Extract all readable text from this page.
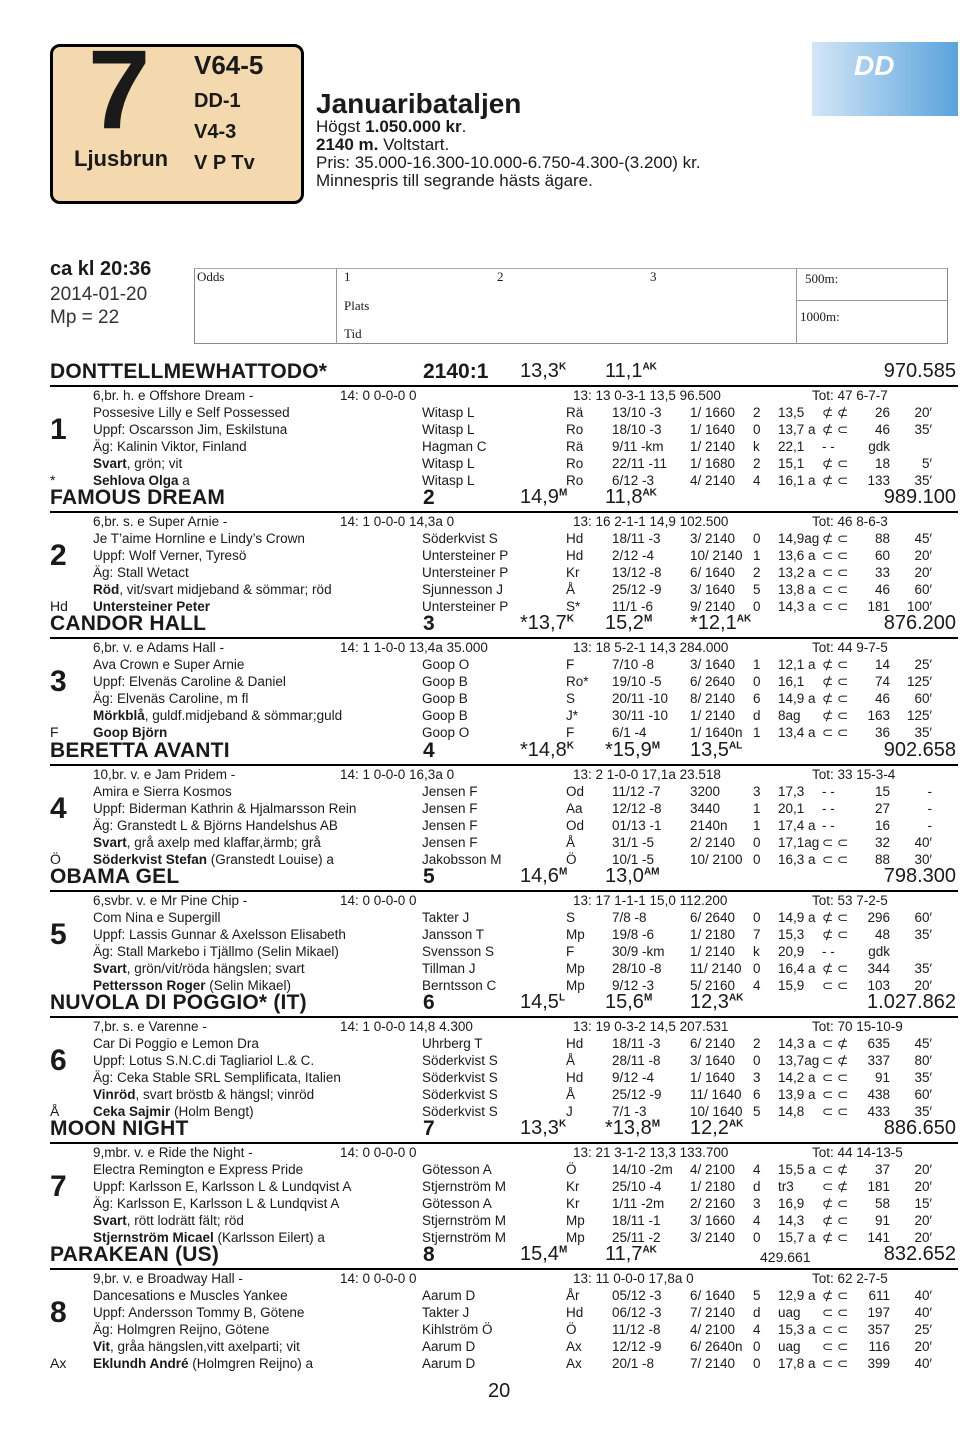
7
Ljusbrun
V64-5
DD-1
V4-3
V P Tv
Januaribataljen
Högst 1.050.000 kr.
2140 m. Voltstart.
Pris: 35.000-16.300-10.000-6.750-4.300-(3.200) kr.
Minnespris till segrande hästs ägare.
DD
ca kl 20:36
2014-01-20
Mp = 22
Odds	1	2	3
Plats
Tid
500m:
1000m:
DONTTELLMEWHATTODO*	2140:1 $13,3^K$ $11,1^{AK}$	970.585
6,br. h. e Offshore Dream -	14: 0 0-0-0 0	13: 13 0-3-1 13,5 96.500	Tot: 47 6-7-7
Possesive Lilly e Self Possessed	Witasp L	Rä 13/10 -3 1/ 1660 2 13,5 ⊄ ⊄ 26 20′
Uppf: Oscarsson Jim, Eskilstuna	Witasp L	Ro 18/10 -3 1/ 1640 0 13,7 a ⊄ ⊂ 46 35′
Äg: Kalinin Viktor, Finland	Hagman C	Rä 9/11 -km 1/ 2140 k 22,1 - - gdk
Svart, grön; vit	Witasp L	Ro 22/11 -11 1/ 1680 2 15,1 ⊄ ⊂ 18 5′
Sehlova Olga a	Witasp L	Ro 6/12 -3	4/ 2140 4 16,1 a ⊄ ⊂ 133 35′
1
*
FAMOUS DREAM	2	$14,9^M$ $11,8^{AK}$	989.100
6,br. s. e Super Arnie -	14: 1 0-0-0 14,3a 0	13: 16 2-1-1 14,9 102.500	Tot: 46 8-6-3
Je T’aime Hornline e Lindy’s Crown	Söderkvist S	Hd 18/11 -3 3/ 2140 0 14,9ag ⊄ ⊂ 88 45′
Uppf: Wolf Verner, Tyresö	Untersteiner P	Hd 2/12 -4	10/ 2140 1 13,6 a ⊂ ⊂ 60 20′
Äg: Stall Wetact	Untersteiner P	Kr 13/12 -8 6/ 1640 2 13,2 a ⊂ ⊂ 33 20′
Röd, vit/svart midjeband & sömmar; röd	Sjunnesson J	Å	25/12 -9 3/ 1640 5 13,8 a ⊂ ⊂ 46 60′
Untersteiner Peter	Untersteiner P	S* 11/1 -6	9/ 2140 0 14,3 a ⊂ ⊂ 181 100′
2
Hd
CANDOR HALL	3	$*13,7^K$ $15,2^M$ $*12,1^{AK}$	876.200
6,br. v. e Adams Hall -	14: 1 1-0-0 13,4a 35.000	13: 18 5-2-1 14,3 284.000	Tot: 44 9-7-5
Ava Crown e Super Arnie	Goop O	F	7/10 -8	3/ 1640 1 12,1 a ⊄ ⊂ 14 25′
Uppf: Elvenäs Caroline & Daniel	Goop B	Ro* 19/10 -5 6/ 2640 0 16,1 ⊄ ⊂ 74 125′
Äg: Elvenäs Caroline, m fl	Goop B	S	20/11 -10 8/ 2140 6 14,9 a ⊄ ⊂ 46 60′
Mörkblå, guldf.midjeband & sömmar;guld	Goop B	J*	30/11 -10 1/ 2140 d 8ag ⊄ ⊂ 163 125′
Goop Björn	Goop O	F	6/1 -4	1/ 1640n 1 13,4 a ⊂ ⊂ 36 35′
3
F
BERETTA AVANTI	4	$*14,8^K$ $*15,9^M$ $13,5^{AL}$	902.658
10,br. v. e Jam Pridem -	14: 1 0-0-0 16,3a 0	13: 2 1-0-0 17,1a 23.518	Tot: 33 15-3-4
Amira e Sierra Kosmos	Jensen F	Od 11/12 -7 3200 3 17,3 - -	15	-
Uppf: Biderman Kathrin & Hjalmarsson Rein	Jensen F	Aa 12/12 -8 3440 1 20,1 - -	27	-
Äg: Granstedt L & Björns Handelshus AB	Jensen F	Od 01/13 -1 2140n 1 17,4 a - -	16	-
Svart, grå axelp med klaffar,ärmb; grå	Jensen F	Å	31/1 -5	2/ 2140 0 17,1ag ⊂ ⊂ 32 40′
Söderkvist Stefan (Granstedt Louise) a	Jakobsson M	Ö	10/1 -5	10/ 2100 0 16,3 a ⊂ ⊂ 88 30′
4
Ö
OBAMA GEL	5	$14,6^M$ $13,0^{AM}$	798.300
6,svbr. v. e Mr Pine Chip -	14: 0 0-0-0 0	13: 17 1-1-1 15,0 112.200	Tot: 53 7-2-5
Com Nina e Supergill	Takter J	S	7/8 -8	6/ 2640 0 14,9 a ⊄ ⊂ 296 60′
Uppf: Lassis Gunnar & Axelsson Elisabeth	Jansson T	Mp 19/8 -6	1/ 2180 7 15,3 ⊄ ⊂ 48 35′
Äg: Stall Markebo i Tjällmo (Selin Mikael)	Svensson S	F	30/9 -km 1/ 2140 k 20,9 - - gdk
Svart, grön/vit/röda hängslen; svart	Tillman J	Mp 28/10 -8 11/ 2140 0 16,4 a ⊄ ⊂ 344 35′
Pettersson Roger (Selin Mikael)	Berntsson C	Mp 9/12 -3	5/ 2160 4 15,9 ⊂ ⊂ 103 20′
5
NUVOLA DI POGGIO* (IT)	6	$14,5^L$ $15,6^M$ $12,3^{AK}$	1.027.862
7,br. s. e Varenne -	14: 1 0-0-0 14,8 4.300	13: 19 0-3-2 14,5 207.531	Tot: 70 15-10-9
Car Di Poggio e Lemon Dra	Uhrberg T	Hd 18/11 -3 6/ 2140 2 14,3 a ⊂ ⊄ 635 45′
Uppf: Lotus S.N.C.di Tagliariol L.& C.	Söderkvist S	Å	28/11 -8 3/ 1640 0 13,7ag ⊂ ⊄ 337 80′
Äg: Ceka Stable SRL Semplificata, Italien	Söderkvist S	Hd 9/12 -4	1/ 1640 3 14,2 a ⊂ ⊂ 91 35′
Vinröd, svart bröstb & hängsl; vinröd	Söderkvist S	Å	25/12 -9 11/ 1640 6 13,9 a ⊂ ⊂ 438 60′
Ceka Sajmir (Holm Bengt)	Söderkvist S	J	7/1 -3	10/ 1640 5 14,8 ⊂ ⊂ 433 35′
6
Å
MOON NIGHT	7	$13,3^K$ $*13,8^M$ $12,2^{AK}$	886.650
9,mbr. v. e Ride the Night -	14: 0 0-0-0 0	13: 21 3-1-2 13,3 133.700	Tot: 44 14-13-5
Electra Remington e Express Pride	Götesson A	Ö	14/10 -2m 4/ 2100 4 15,5 a ⊂ ⊄ 37 20′
Uppf: Karlsson E, Karlsson L & Lundqvist A	Stjernström M	Kr 25/10 -4 1/ 2180 d tr3 ⊂ ⊄ 181 20′
Äg: Karlsson E, Karlsson L & Lundqvist A	Götesson A	Kr 1/11 -2m 2/ 2160 3 16,9 ⊄ ⊂ 58 15′
Svart, rött lodrätt fält; röd	Stjernström M	Mp 18/11 -1 3/ 1660 4 14,3 ⊄ ⊂ 91 20′
Stjernström Micael (Karlsson Eilert) a	Stjernström M	Mp 25/11 -2 3/ 2140 0 15,7 a ⊄ ⊂ 141 20′
7
PARAKEAN (US)	8	$15,4^M$ $11,7^{AK}$	429.661	832.652
9,br. v. e Broadway Hall -	14: 0 0-0-0 0	13: 11 0-0-0 17,8a 0	Tot: 62 2-7-5
Dancesations e Muscles Yankee	Aarum D	År 05/12 -3 6/ 1640 5 12,9 a ⊄ ⊂ 611 40′
Uppf: Andersson Tommy B, Götene	Takter J	Hd 06/12 -3 7/ 2140 d uag ⊂ ⊂ 197 40′
Äg: Holmgren Reijno, Götene	Kihlström Ö	Ö	11/12 -8 4/ 2100 4 15,3 a ⊂ ⊂ 357 25′
Vit, gråa hängslen,vitt axelparti; vit	Aarum D	Ax 12/12 -9 6/ 2640n 0 uag ⊂ ⊂ 116 20′
Eklundh André (Holmgren Reijno) a	Aarum D	Ax 20/1 -8	7/ 2140 0 17,8 a ⊂ ⊂ 399 40′
8
Ax
20
